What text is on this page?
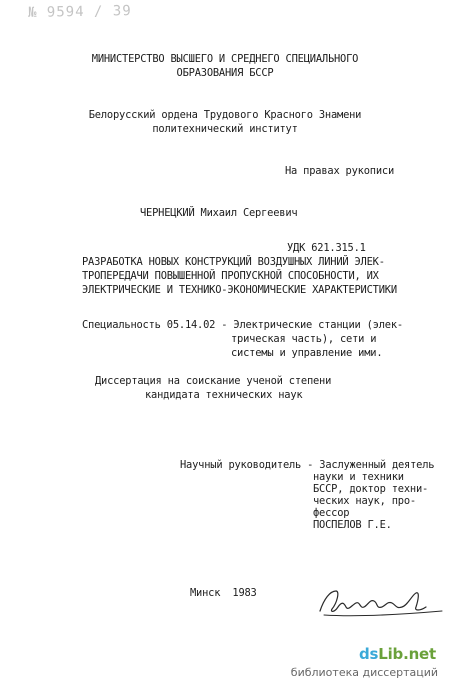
№ 9594 / 39
МИНИСТЕРСТВО ВЫСШЕГО И СРЕДНЕГО СПЕЦИАЛЬНОГО
ОБРАЗОВАНИЯ БССР
Белорусский ордена Трудового Красного Знамени
политехнический институт
На правах рукописи
ЧЕРНЕЦКИЙ Михаил Сергеевич
УДК 621.315.1
РАЗРАБОТКА НОВЫХ КОНСТРУКЦИЙ ВОЗДУШНЫХ ЛИНИЙ ЭЛЕК-
ТРОПЕРЕДАЧИ ПОВЫШЕННОЙ ПРОПУСКНОЙ СПОСОБНОСТИ, ИХ
ЭЛЕКТРИЧЕСКИЕ И ТЕХНИКО-ЭКОНОМИЧЕСКИЕ ХАРАКТЕРИСТИКИ
Специальность 05.14.02 - Электрические станции (элек-
трическая часть), сети и
системы и управление ими.
Диссертация на соискание ученой степени
кандидата технических наук
Научный руководитель - Заслуженный деятель
науки и техники
БССР, доктор техни-
ческих наук, про-
фессор
ПОСПЕЛОВ Г.Е.
Минск  1983
dsLib.net
библиотека диссертаций
